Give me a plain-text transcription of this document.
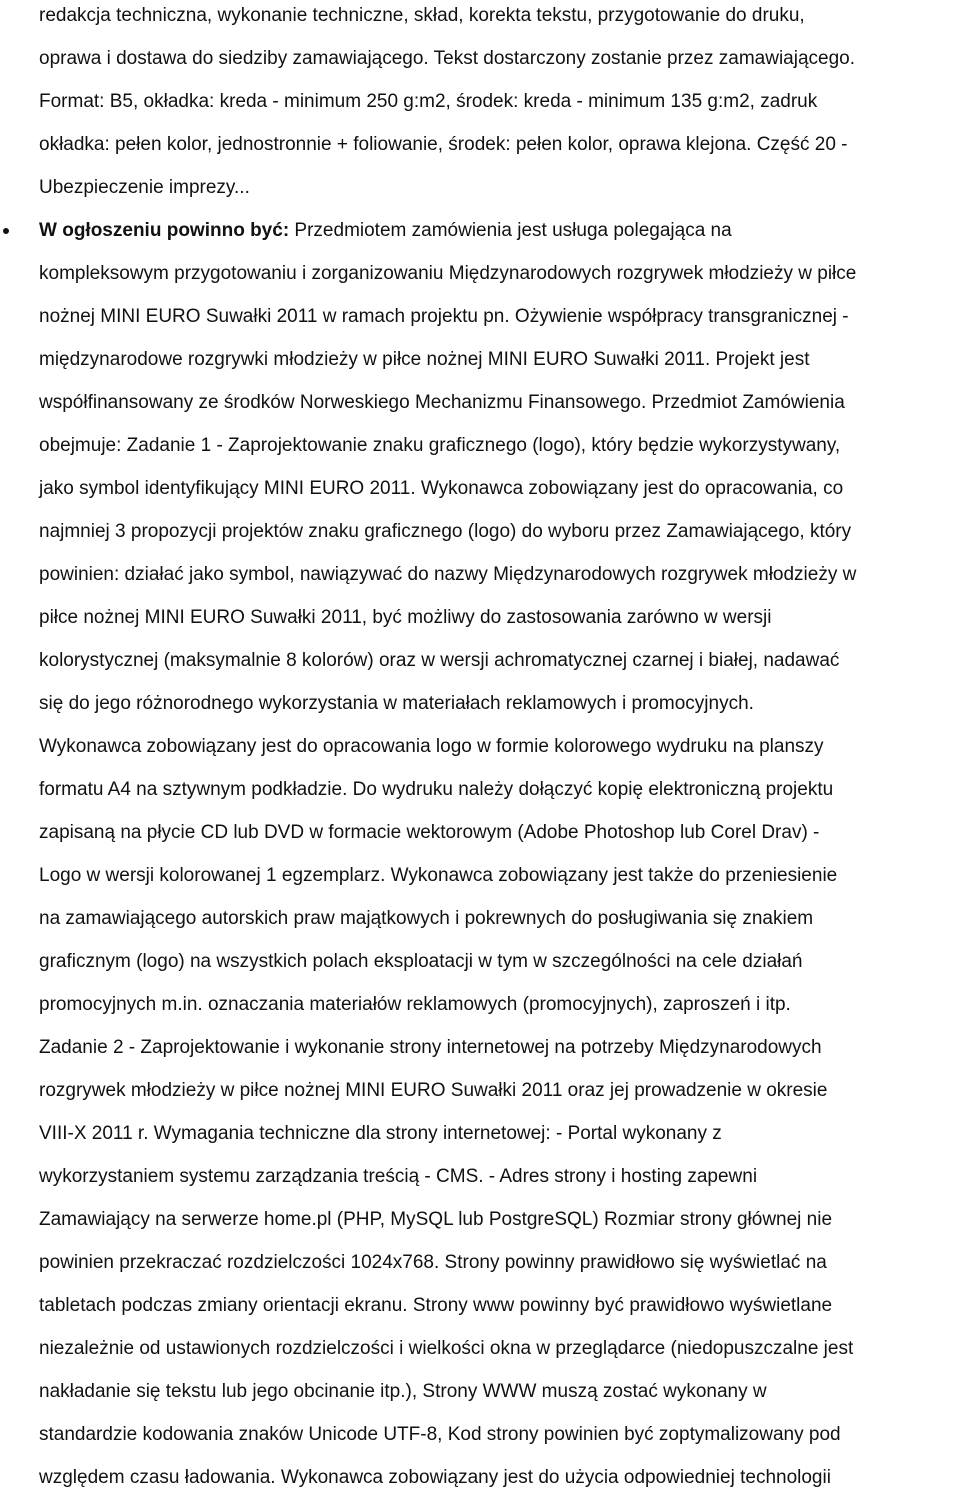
redakcja techniczna, wykonanie techniczne, skład, korekta tekstu, przygotowanie do druku,
oprawa i dostawa do siedziby zamawiającego. Tekst dostarczony zostanie przez zamawiającego.
Format: B5, okładka: kreda - minimum 250 g:m2, środek: kreda - minimum 135 g:m2, zadruk
okładka: pełen kolor, jednostronnie + foliowanie, środek: pełen kolor, oprawa klejona. Część 20 -
Ubezpieczenie imprezy...
W ogłoszeniu powinno być: Przedmiotem zamówienia jest usługa polegająca na
kompleksowym przygotowaniu i zorganizowaniu Międzynarodowych rozgrywek młodzieży w piłce
nożnej MINI EURO Suwałki 2011 w ramach projektu pn. Ożywienie współpracy transgranicznej -
międzynarodowe rozgrywki młodzieży w piłce nożnej MINI EURO Suwałki 2011. Projekt jest
współfinansowany ze środków Norweskiego Mechanizmu Finansowego. Przedmiot Zamówienia
obejmuje: Zadanie 1 - Zaprojektowanie znaku graficznego (logo), który będzie wykorzystywany,
jako symbol identyfikujący MINI EURO 2011. Wykonawca zobowiązany jest do opracowania, co
najmniej 3 propozycji projektów znaku graficznego (logo) do wyboru przez Zamawiającego, który
powinien: działać jako symbol, nawiązywać do nazwy Międzynarodowych rozgrywek młodzieży w
piłce nożnej MINI EURO Suwałki 2011, być możliwy do zastosowania zarówno w wersji
kolorystycznej (maksymalnie 8 kolorów) oraz w wersji achromatycznej czarnej i białej, nadawać
się do jego różnorodnego wykorzystania w materiałach reklamowych i promocyjnych.
Wykonawca zobowiązany jest do opracowania logo w formie kolorowego wydruku na planszy
formatu A4 na sztywnym podkładzie. Do wydruku należy dołączyć kopię elektroniczną projektu
zapisaną na płycie CD lub DVD w formacie wektorowym (Adobe Photoshop lub Corel Drav) -
Logo w wersji kolorowanej 1 egzemplarz. Wykonawca zobowiązany jest także do przeniesienie
na zamawiającego autorskich praw majątkowych i pokrewnych do posługiwania się znakiem
graficznym (logo) na wszystkich polach eksploatacji w tym w szczególności na cele działań
promocyjnych m.in. oznaczania materiałów reklamowych (promocyjnych), zaproszeń i itp.
Zadanie 2 - Zaprojektowanie i wykonanie strony internetowej na potrzeby Międzynarodowych
rozgrywek młodzieży w piłce nożnej MINI EURO Suwałki 2011 oraz jej prowadzenie w okresie
VIII-X 2011 r. Wymagania techniczne dla strony internetowej: - Portal wykonany z
wykorzystaniem systemu zarządzania treścią - CMS. - Adres strony i hosting zapewni
Zamawiający na serwerze home.pl (PHP, MySQL lub PostgreSQL) Rozmiar strony głównej nie
powinien przekraczać rozdzielczości 1024x768. Strony powinny prawidłowo się wyświetlać na
tabletach podczas zmiany orientacji ekranu. Strony www powinny być prawidłowo wyświetlane
niezależnie od ustawionych rozdzielczości i wielkości okna w przeglądarce (niedopuszczalne jest
nakładanie się tekstu lub jego obcinanie itp.), Strony WWW muszą zostać wykonany w
standardzie kodowania znaków Unicode UTF-8, Kod strony powinien być zoptymalizowany pod
względem czasu ładowania. Wykonawca zobowiązany jest do użycia odpowiedniej technologii
